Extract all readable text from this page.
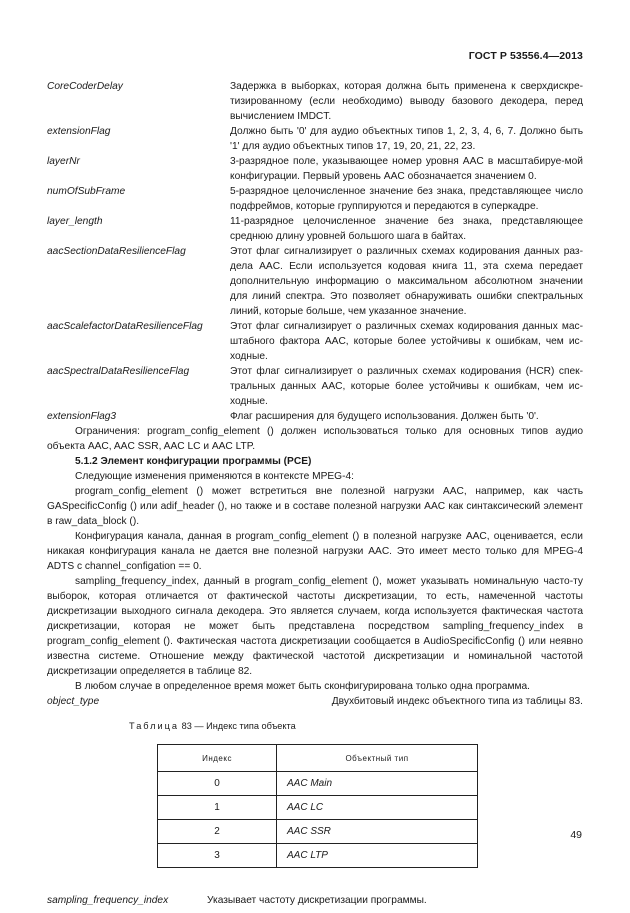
ГОСТ Р 53556.4—2013
CoreCoderDelay	Задержка в выборках, которая должна быть применена к сверхдискре-тизированному (если необходимо) выводу базового декодера, перед вычислением IMDCT.
extensionFlag	Должно быть '0' для аудио объектных типов 1, 2, 3, 4, 6, 7. Должно быть '1' для аудио объектных типов 17, 19, 20, 21, 22, 23.
layerNr	3-разрядное поле, указывающее номер уровня AAC в масштабируе-мой конфигурации. Первый уровень AAC обозначается значением 0.
numOfSubFrame	5-разрядное целочисленное значение без знака, представляющее число подфреймов, которые группируются и передаются в суперкадре.
layer_length	11-разрядное целочисленное значение без знака, представляющее среднюю длину уровней большого шага в байтах.
aacSectionDataResilienceFlag	Этот флаг сигнализирует о различных схемах кодирования данных раз-дела AAC. Если используется кодовая книга 11, эта схема передает дополнительную информацию о максимальном абсолютном значении для линий спектра. Это позволяет обнаруживать ошибки спектральных линий, которые больше, чем указанное значение.
aacScalefactorDataResilienceFlag	Этот флаг сигнализирует о различных схемах кодирования данных мас-штабного фактора AAC, которые более устойчивы к ошибкам, чем ис-ходные.
aacSpectralDataResilienceFlag	Этот флаг сигнализирует о различных схемах кодирования (HCR) спек-тральных данных AAC, которые более устойчивы к ошибкам, чем ис-ходные.
extensionFlag3	Флаг расширения для будущего использования. Должен быть '0'.
Ограничения: program_config_element () должен использоваться только для основных типов аудио объекта AAC, AAC SSR, AAC LC и AAC LTP.
5.1.2 Элемент конфигурации программы (PCE)
Следующие изменения применяются в контексте MPEG-4:
program_config_element () может встретиться вне полезной нагрузки AAC, например, как часть GASpecificConfig () или adif_header (), но также и в составе полезной нагрузки AAC как синтаксический элемент в raw_data_block ().
Конфигурация канала, данная в program_config_element () в полезной нагрузке AAC, оценивается, если никакая конфигурация канала не дается вне полезной нагрузки AAC. Это имеет место только для MPEG-4 ADTS с channel_configation == 0.
sampling_frequency_index, данный в program_config_element (), может указывать номинальную часто-ту выборок, которая отличается от фактической частоты дискретизации, то есть, намеченной частоты дискретизации выходного сигнала декодера. Это является случаем, когда используется фактическая частота дискретизации, которая не может быть представлена посредством sampling_frequency_index в program_config_element (). Фактическая частота дискретизации сообщается в AudioSpecificConfig () или неявно известна системе. Отношение между фактической частотой дискретизации и номинальной частотой дискретизации определяется в таблице 82.
В любом случае в определенное время может быть сконфигурирована только одна программа.
object_type	Двухбитовый индекс объектного типа из таблицы 83.
Таблица 83 — Индекс типа объекта
Индекс	Объектный тип
0	AAC Main
1	AAC LC
2	AAC SSR
3	AAC LTP
sampling_frequency_index	Указывает частоту дискретизации программы.
49
